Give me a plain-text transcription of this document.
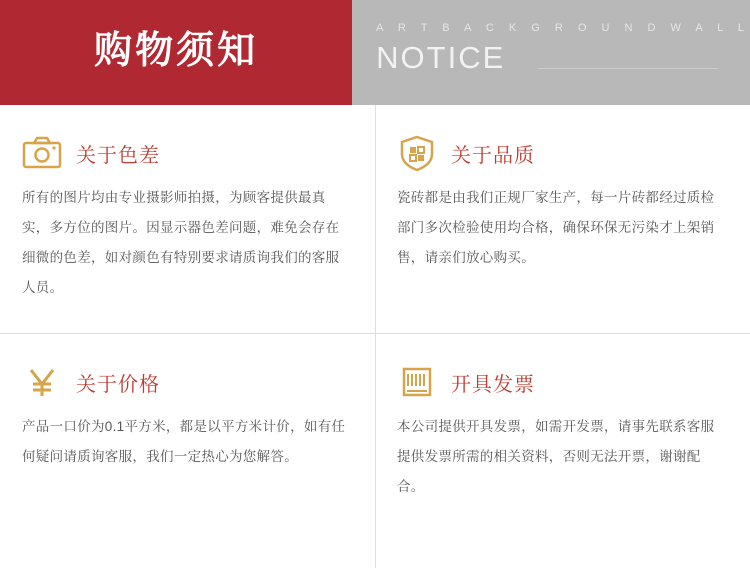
购物须知
A R T B A C K G R O U N D W A L L
NOTICE
关于色差
所有的图片均由专业摄影师拍摄，为顾客提供最真实，多方位的图片。因显示器色差问题，难免会存在细微的色差，如对颜色有特别要求请质询我们的客服人员。
关于品质
瓷砖都是由我们正规厂家生产，每一片砖都经过质检部门多次检验使用均合格，确保环保无污染才上架销售，请亲们放心购买。
关于价格
产品一口价为0.1平方米，都是以平方米计价，如有任何疑问请质询客服，我们一定热心为您解答。
开具发票
本公司提供开具发票，如需开发票，请事先联系客服提供发票所需的相关资料，否则无法开票，谢谢配合。
